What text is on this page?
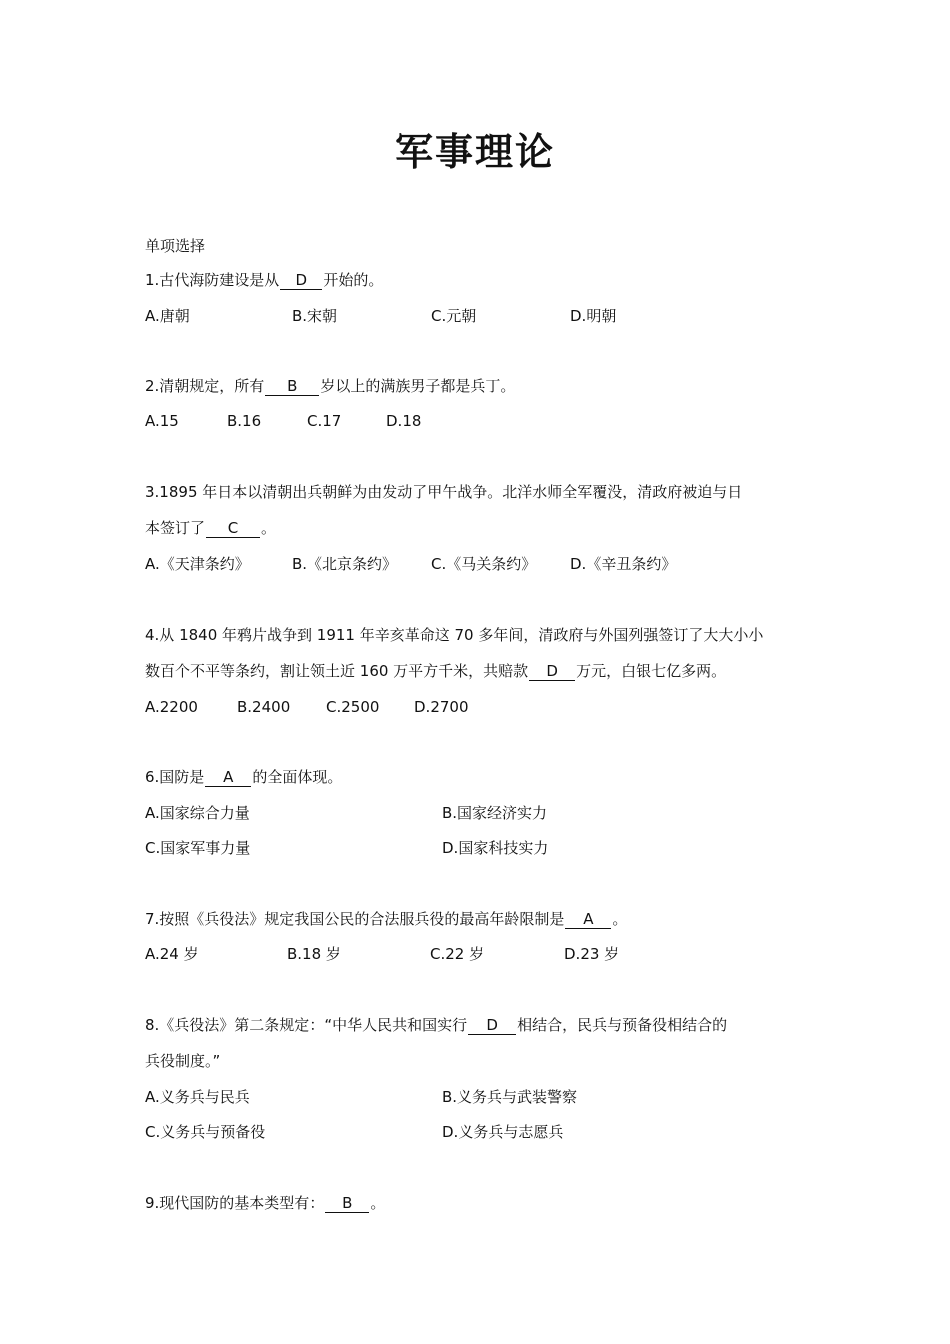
军事理论
单项选择
1.古代海防建设是从 D 开始的。
A.唐朝	B.宋朝	C.元朝	D.明朝
2.清朝规定，所有 B 岁以上的满族男子都是兵丁。
A.15	B.16	C.17	D.18
3.1895 年日本以清朝出兵朝鲜为由发动了甲午战争。北洋水师全军覆没，清政府被迫与日
本签订了 C 。
A.《天津条约》	B.《北京条约》 C.《马关条约》 D.《辛丑条约》
4.从 1840 年鸦片战争到 1911 年辛亥革命这 70 多年间，清政府与外国列强签订了大大小小
数百个不平等条约，割让领土近 160 万平方千米，共赔款 D 万元，白银七亿多两。
A.2200	B.2400 C.2500 D.2700
6.国防是 A 的全面体现。
A.国家综合力量	B.国家经济实力
C.国家军事力量	D.国家科技实力
7.按照《兵役法》规定我国公民的合法服兵役的最高年龄限制是 A 。
A.24 岁	B.18 岁	C.22 岁	D.23 岁
8.《兵役法》第二条规定：“中华人民共和国实行 D 相结合，民兵与预备役相结合的
兵役制度。”
A.义务兵与民兵	B.义务兵与武装警察
C.义务兵与预备役	D.义务兵与志愿兵
9.现代国防的基本类型有： B 。
